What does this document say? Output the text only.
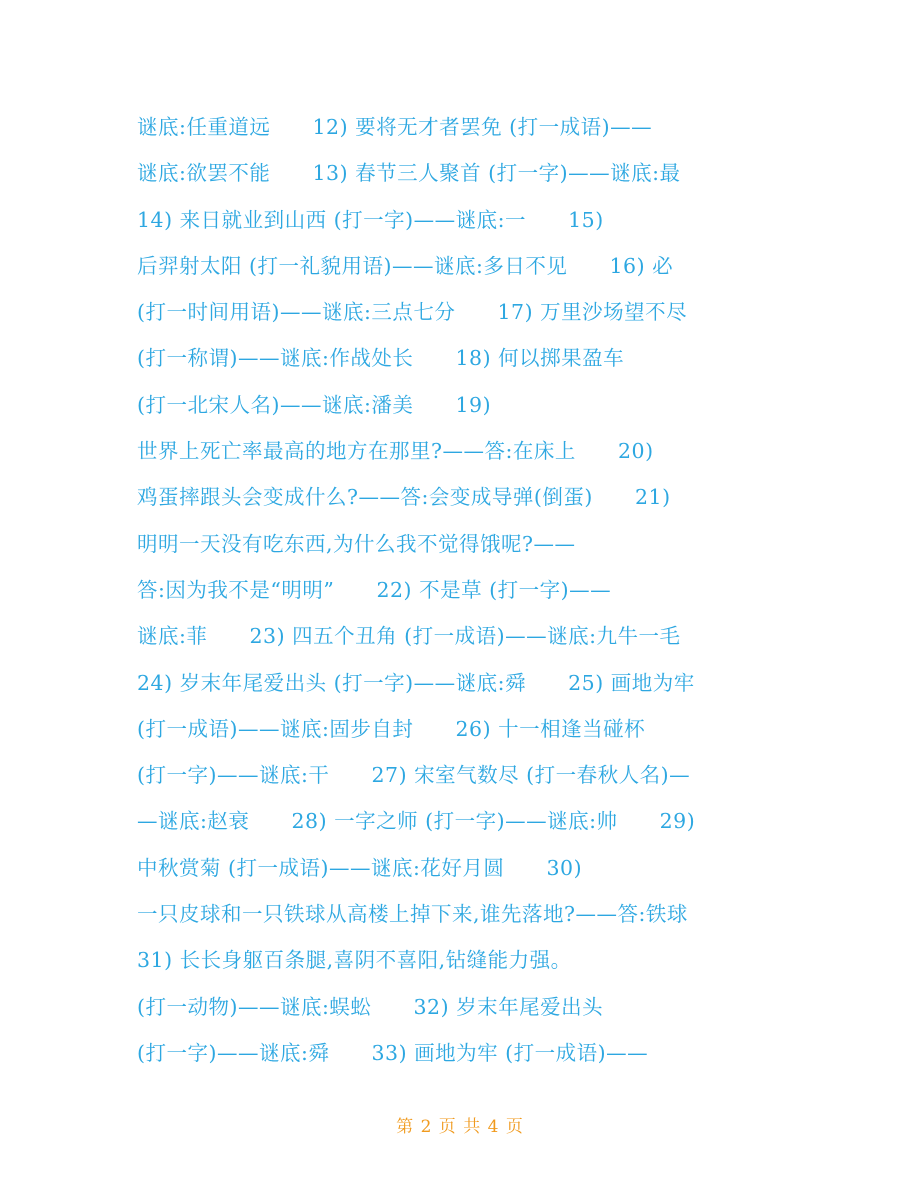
谜底:任重道远      12) 要将无才者罢免 (打一成语)——
谜底:欲罢不能      13) 春节三人聚首 (打一字)——谜底:最
14) 来日就业到山西 (打一字)——谜底:一      15)
后羿射太阳 (打一礼貌用语)——谜底:多日不见      16) 必
(打一时间用语)——谜底:三点七分      17) 万里沙场望不尽
(打一称谓)——谜底:作战处长      18) 何以掷果盈车
(打一北宋人名)——谜底:潘美      19)
世界上死亡率最高的地方在那里?——答:在床上      20)
鸡蛋摔跟头会变成什么?——答:会变成导弹(倒蛋)      21)
明明一天没有吃东西,为什么我不觉得饿呢?——
答:因为我不是“明明”      22) 不是草 (打一字)——
谜底:菲      23) 四五个丑角 (打一成语)——谜底:九牛一毛
24) 岁末年尾爱出头 (打一字)——谜底:舜      25) 画地为牢
(打一成语)——谜底:固步自封      26) 十一相逢当碰杯
(打一字)——谜底:干      27) 宋室气数尽 (打一春秋人名)—
—谜底:赵衰      28) 一字之师 (打一字)——谜底:帅      29)
中秋赏菊 (打一成语)——谜底:花好月圆      30)
一只皮球和一只铁球从高楼上掉下来,谁先落地?——答:铁球
31) 长长身躯百条腿,喜阴不喜阳,钻缝能力强。
(打一动物)——谜底:蜈蚣      32) 岁末年尾爱出头
(打一字)——谜底:舜      33) 画地为牢 (打一成语)——
第 2 页 共 4 页
